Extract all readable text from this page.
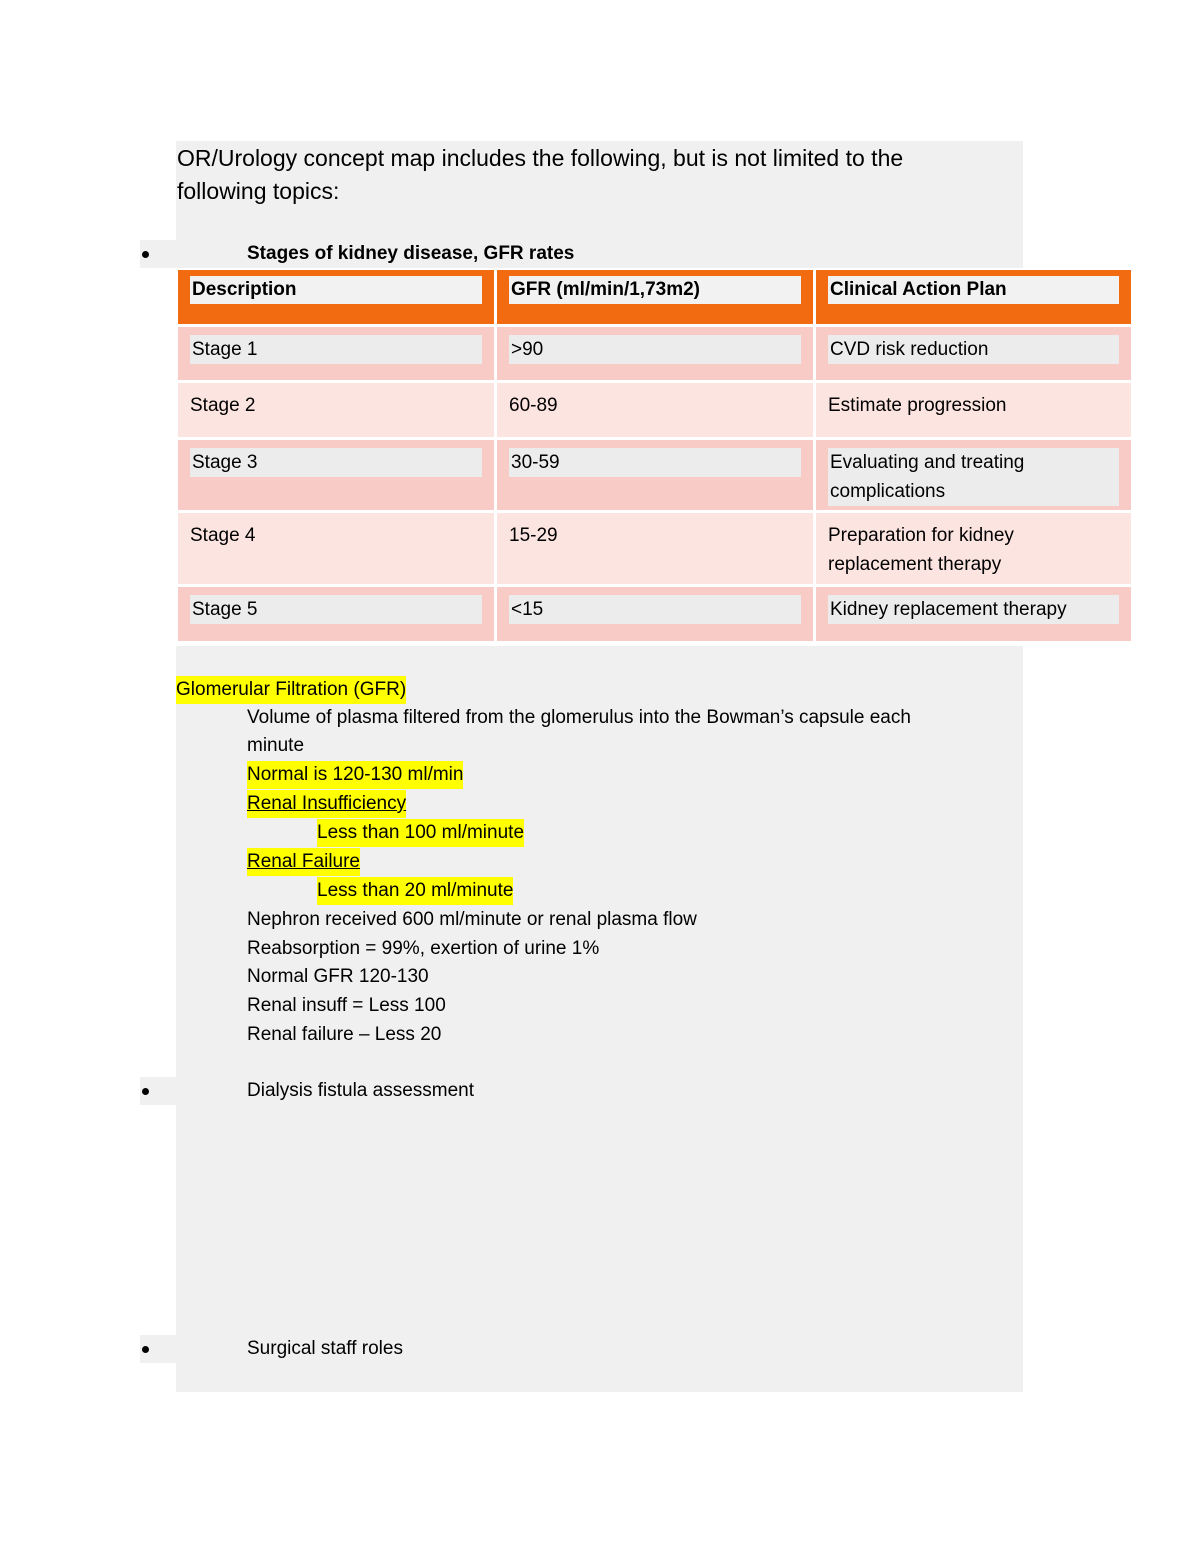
OR/Urology concept map includes the following, but is not limited to the
following topics:
Stages of kidney disease, GFR rates
Description	GFR (ml/min/1,73m2)	Clinical Action Plan
Stage 1	>90	CVD risk reduction
Stage 2	60-89	Estimate progression
Stage 3	30-59	Evaluating and treating
complications
Stage 4	15-29	Preparation for kidney
replacement therapy
Stage 5	<15	Kidney replacement therapy
Glomerular Filtration (GFR)
Volume of plasma filtered from the glomerulus into the Bowman’s capsule each
minute
Normal is 120-130 ml/min
Renal Insufficiency
Less than 100 ml/minute
Renal Failure
Less than 20 ml/minute
Nephron received 600 ml/minute or renal plasma flow
Reabsorption = 99%, exertion of urine 1%
Normal GFR 120-130
Renal insuff = Less 100
Renal failure – Less 20
Dialysis fistula assessment
Surgical staff roles
